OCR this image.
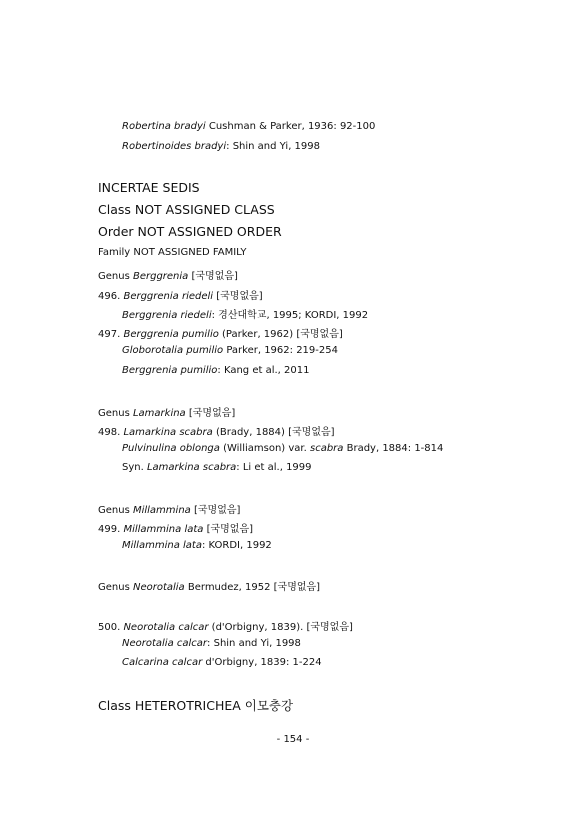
Robertina bradyi Cushman & Parker, 1936: 92-100
Robertinoides bradyi: Shin and Yi, 1998
INCERTAE SEDIS
Class NOT ASSIGNED CLASS
Order NOT ASSIGNED ORDER
Family NOT ASSIGNED FAMILY
Genus Berggrenia [국명없음]
496. Berggrenia riedeli [국명없음]
Berggrenia riedeli: 경산대학교, 1995; KORDI, 1992
497. Berggrenia pumilio (Parker, 1962) [국명없음]
Globorotalia pumilio Parker, 1962: 219-254
Berggrenia pumilio: Kang et al., 2011
Genus Lamarkina [국명없음]
498. Lamarkina scabra (Brady, 1884) [국명없음]
Pulvinulina oblonga (Williamson) var. scabra Brady, 1884: 1-814
Syn. Lamarkina scabra: Li et al., 1999
Genus Millammina [국명없음]
499. Millammina lata [국명없음]
Millammina lata: KORDI, 1992
Genus Neorotalia Bermudez, 1952 [국명없음]
500. Neorotalia calcar (d'Orbigny, 1839). [국명없음]
Neorotalia calcar: Shin and Yi, 1998
Calcarina calcar d'Orbigny, 1839: 1-224
Class HETEROTRICHEA 이모충강
- 154 -
